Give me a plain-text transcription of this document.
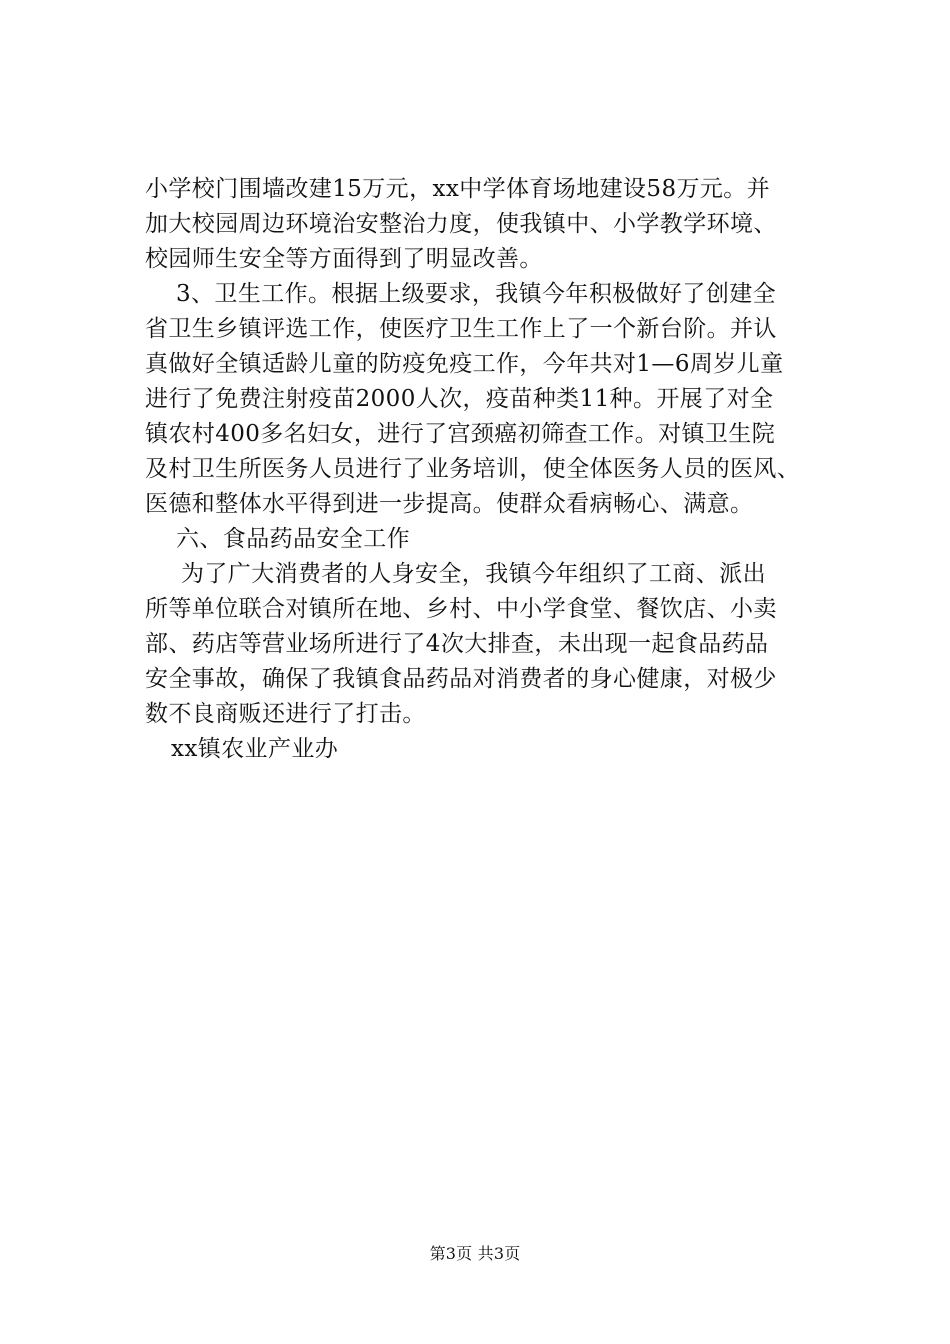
小学校门围墙改建15万元，xx中学体育场地建设58万元。并
加大校园周边环境治安整治力度，使我镇中、小学教学环境、
校园师生安全等方面得到了明显改善。
3、卫生工作。根据上级要求，我镇今年积极做好了创建全
省卫生乡镇评选工作，使医疗卫生工作上了一个新台阶。并认
真做好全镇适龄儿童的防疫免疫工作，今年共对1—6周岁儿童
进行了免费注射疫苗2000人次，疫苗种类11种。开展了对全
镇农村400多名妇女，进行了宫颈癌初筛查工作。对镇卫生院
及村卫生所医务人员进行了业务培训，使全体医务人员的医风、
医德和整体水平得到进一步提高。使群众看病畅心、满意。
六、食品药品安全工作
为了广大消费者的人身安全，我镇今年组织了工商、派出
所等单位联合对镇所在地、乡村、中小学食堂、餐饮店、小卖
部、药店等营业场所进行了4次大排查，未出现一起食品药品
安全事故，确保了我镇食品药品对消费者的身心健康，对极少
数不良商贩还进行了打击。
xx镇农业产业办
第3页 共3页
